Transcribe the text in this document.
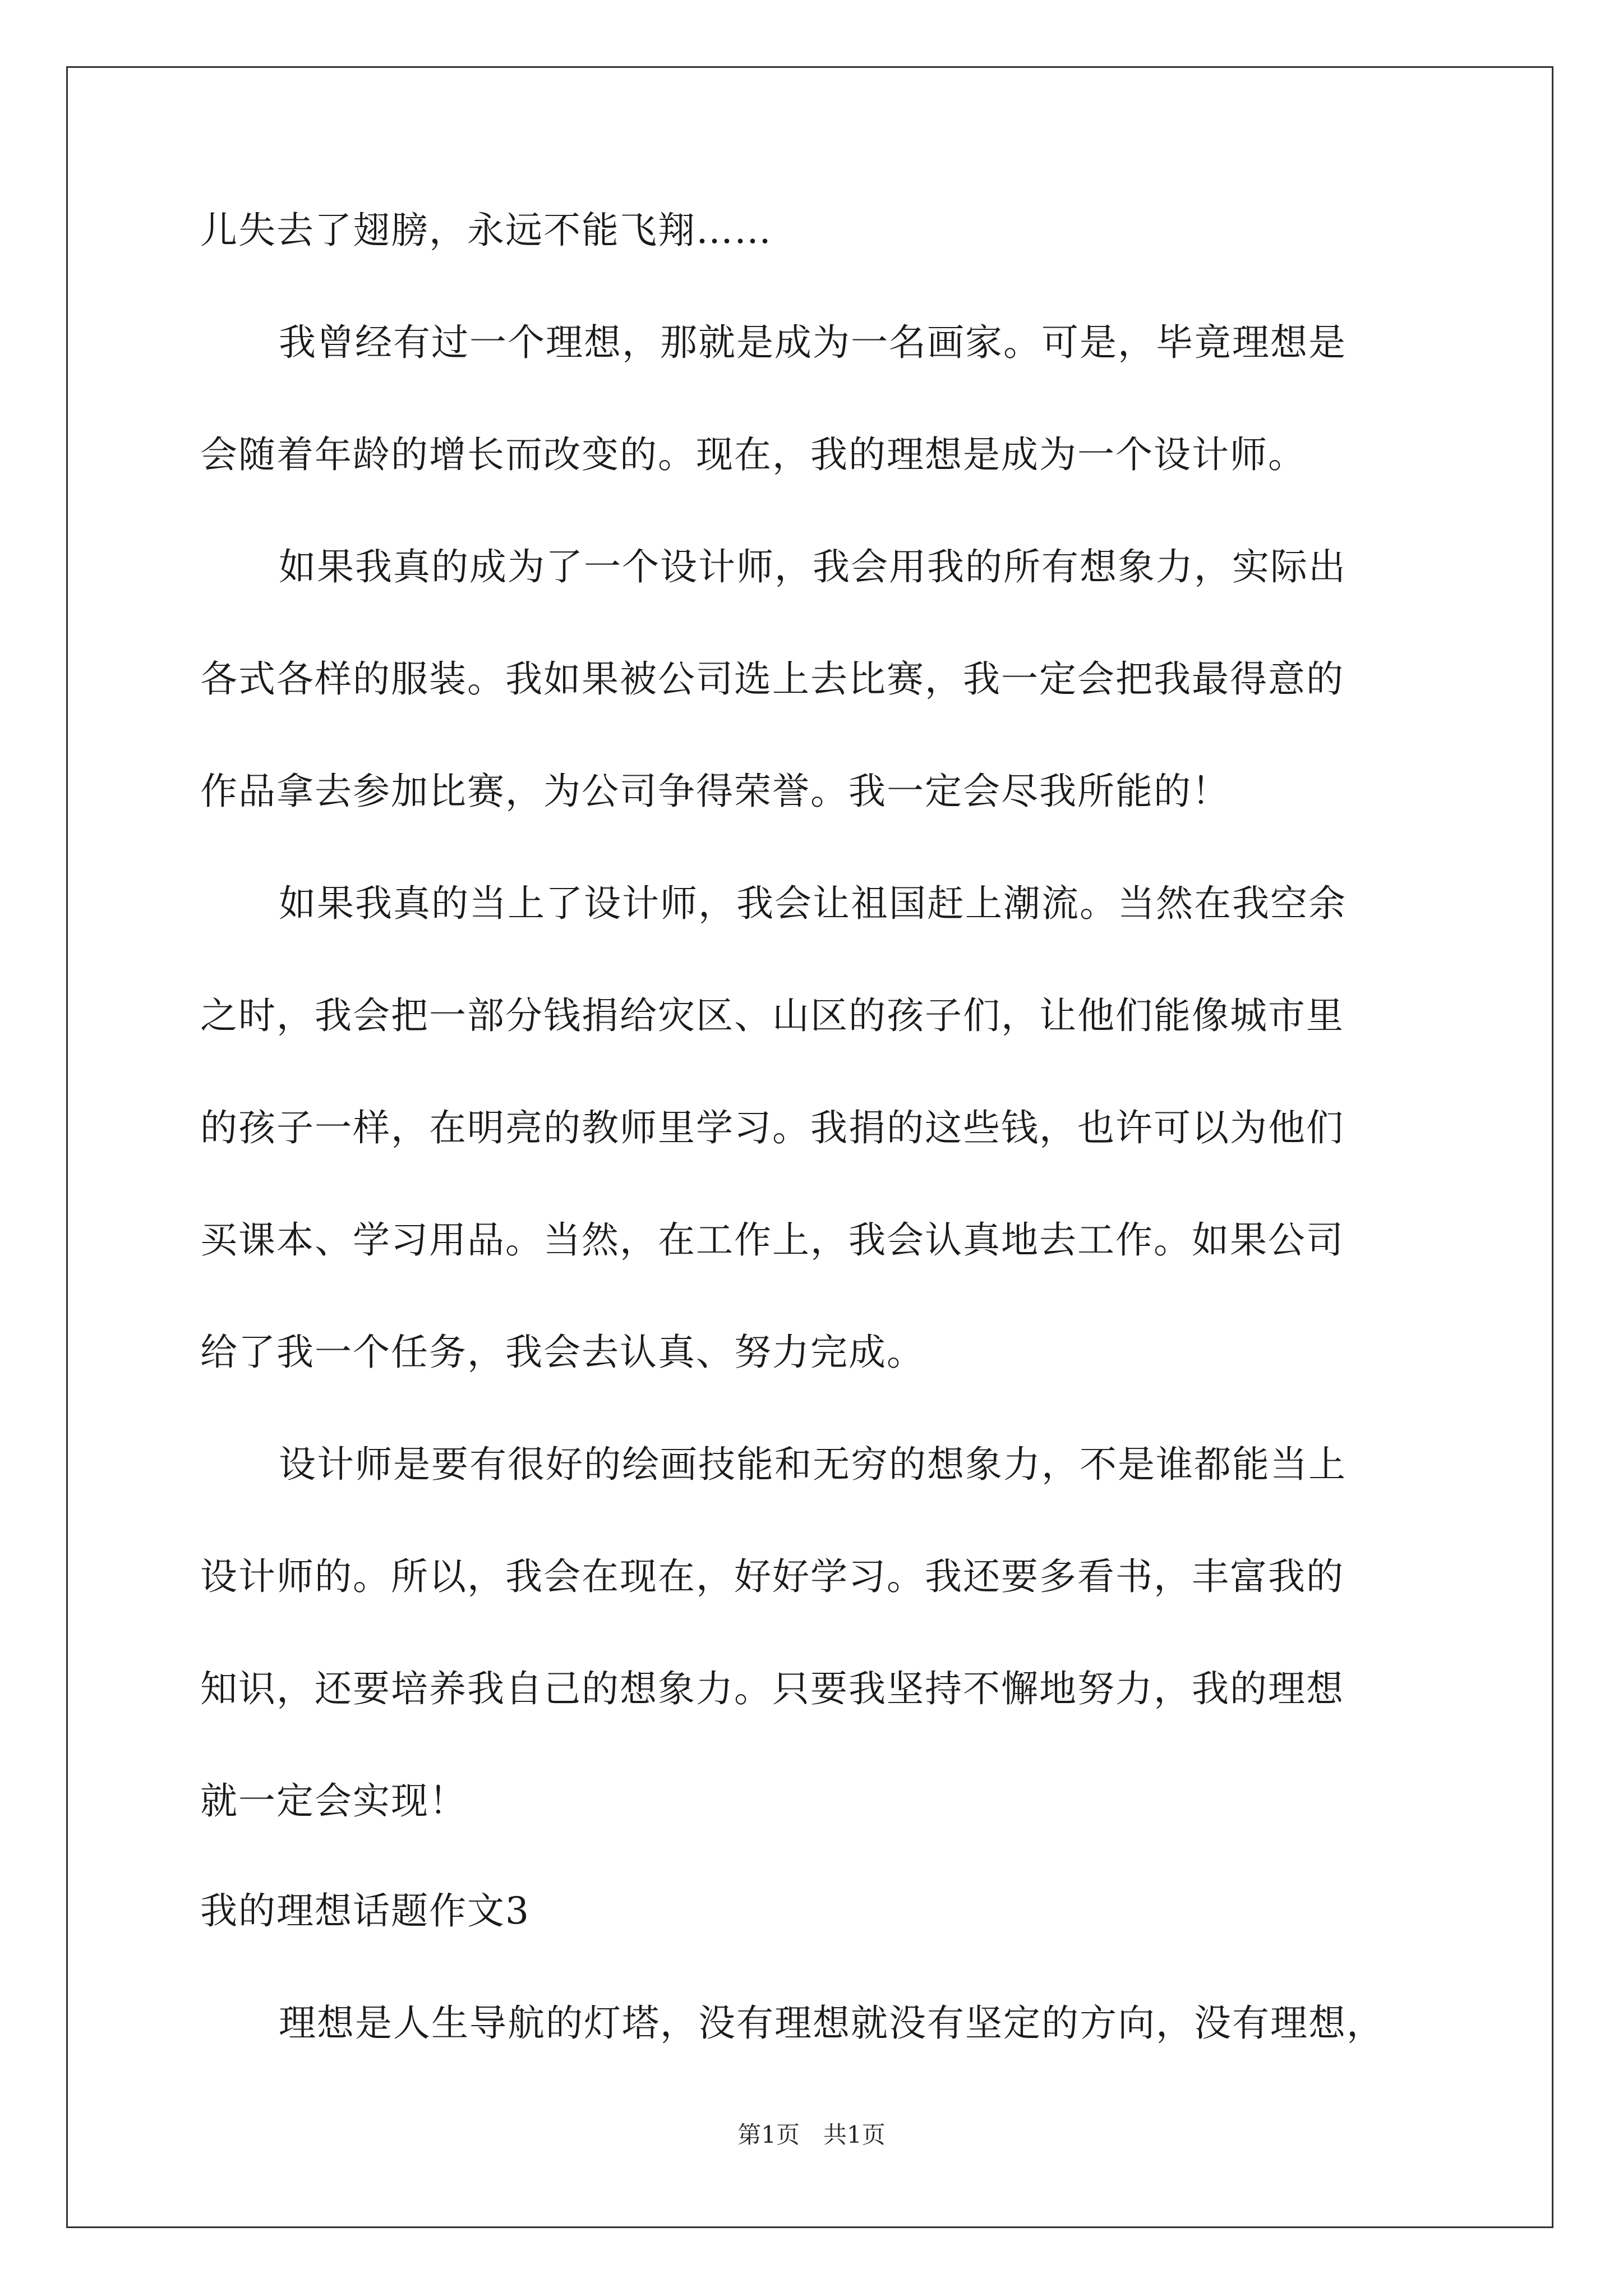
儿失去了翅膀，永远不能飞翔……
我曾经有过一个理想，那就是成为一名画家。可是，毕竟理想是
会随着年龄的增长而改变的。现在，我的理想是成为一个设计师。
如果我真的成为了一个设计师，我会用我的所有想象力，实际出
各式各样的服装。我如果被公司选上去比赛，我一定会把我最得意的
作品拿去参加比赛，为公司争得荣誉。我一定会尽我所能的！
如果我真的当上了设计师，我会让祖国赶上潮流。当然在我空余
之时，我会把一部分钱捐给灾区、山区的孩子们，让他们能像城市里
的孩子一样，在明亮的教师里学习。我捐的这些钱，也许可以为他们
买课本、学习用品。当然，在工作上，我会认真地去工作。如果公司
给了我一个任务，我会去认真、努力完成。
设计师是要有很好的绘画技能和无穷的想象力，不是谁都能当上
设计师的。所以，我会在现在，好好学习。我还要多看书，丰富我的
知识，还要培养我自己的想象力。只要我坚持不懈地努力，我的理想
就一定会实现！
我的理想话题作文3
理想是人生导航的灯塔，没有理想就没有坚定的方向，没有理想，
第1页　共1页
